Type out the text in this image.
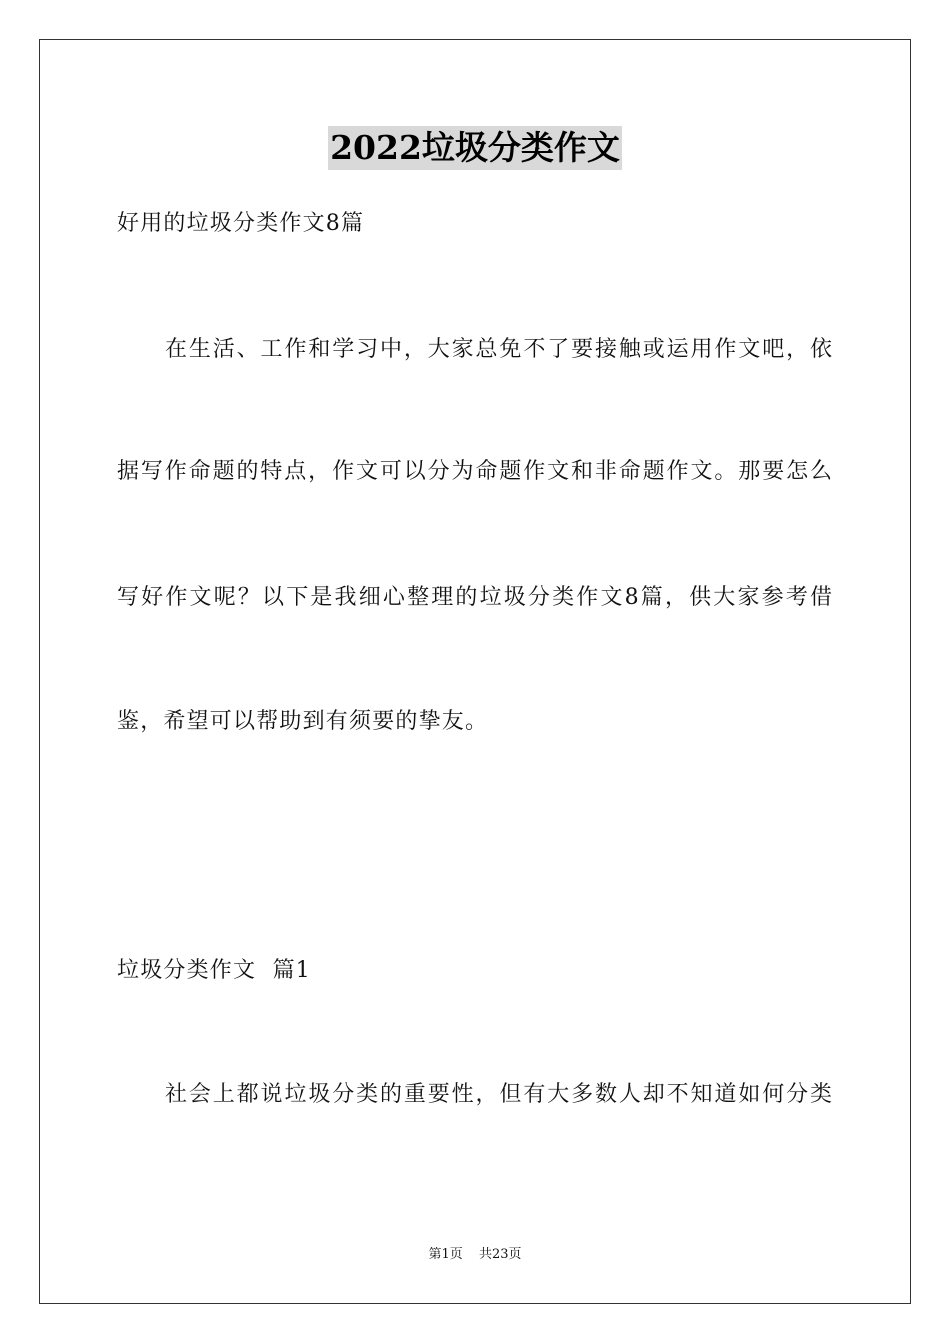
2022垃圾分类作文
好用的垃圾分类作文8篇
在生活、工作和学习中，大家总免不了要接触或运用作文吧，依
据写作命题的特点，作文可以分为命题作文和非命题作文。那要怎么
写好作文呢？以下是我细心整理的垃圾分类作文8篇，供大家参考借
鉴，希望可以帮助到有须要的挚友。
垃圾分类作文  篇1
社会上都说垃圾分类的重要性，但有大多数人却不知道如何分类
第1页 共23页
